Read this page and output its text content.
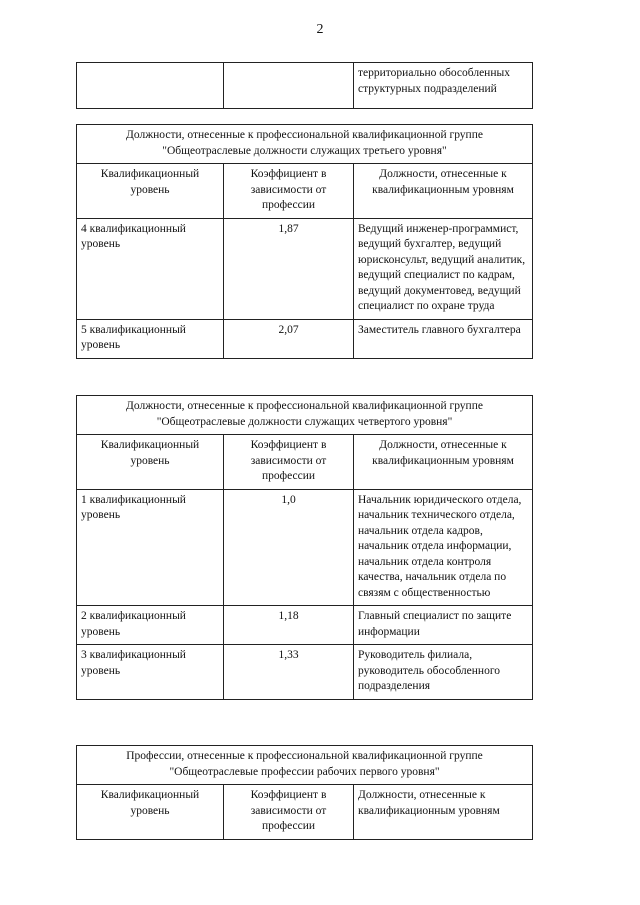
2
		территориально обособленных структурных подразделений
Должности, отнесенные к профессиональной квалификационной группе
"Общеотраслевые должности служащих третьего уровня"		

Квалификационный уровень	Коэффициент в зависимости от профессии	Должности, отнесенные к квалификационным уровням
4 квалификационный уровень	1,87	Ведущий инженер-программист, ведущий бухгалтер, ведущий юрисконсульт, ведущий аналитик, ведущий специалист по кадрам, ведущий документовед, ведущий специалист по охране труда
5 квалификационный уровень	2,07	Заместитель главного бухгалтера
Должности, отнесенные к профессиональной квалификационной группе
"Общеотраслевые должности служащих четвертого уровня"		

Квалификационный уровень	Коэффициент в зависимости от профессии	Должности, отнесенные к квалификационным уровням
1 квалификационный уровень	1,0	Начальник юридического отдела, начальник технического отдела, начальник отдела кадров, начальник отдела информации, начальник отдела контроля качества, начальник отдела по связям с общественностью
2 квалификационный уровень	1,18	Главный специалист по защите информации
3 квалификационный уровень	1,33	Руководитель филиала, руководитель обособленного подразделения
Профессии, отнесенные к профессиональной квалификационной группе
"Общеотраслевые профессии рабочих первого уровня"

Квалификационный уровень	Коэффициент в зависимости от профессии	Должности, отнесенные к квалификационным уровням
